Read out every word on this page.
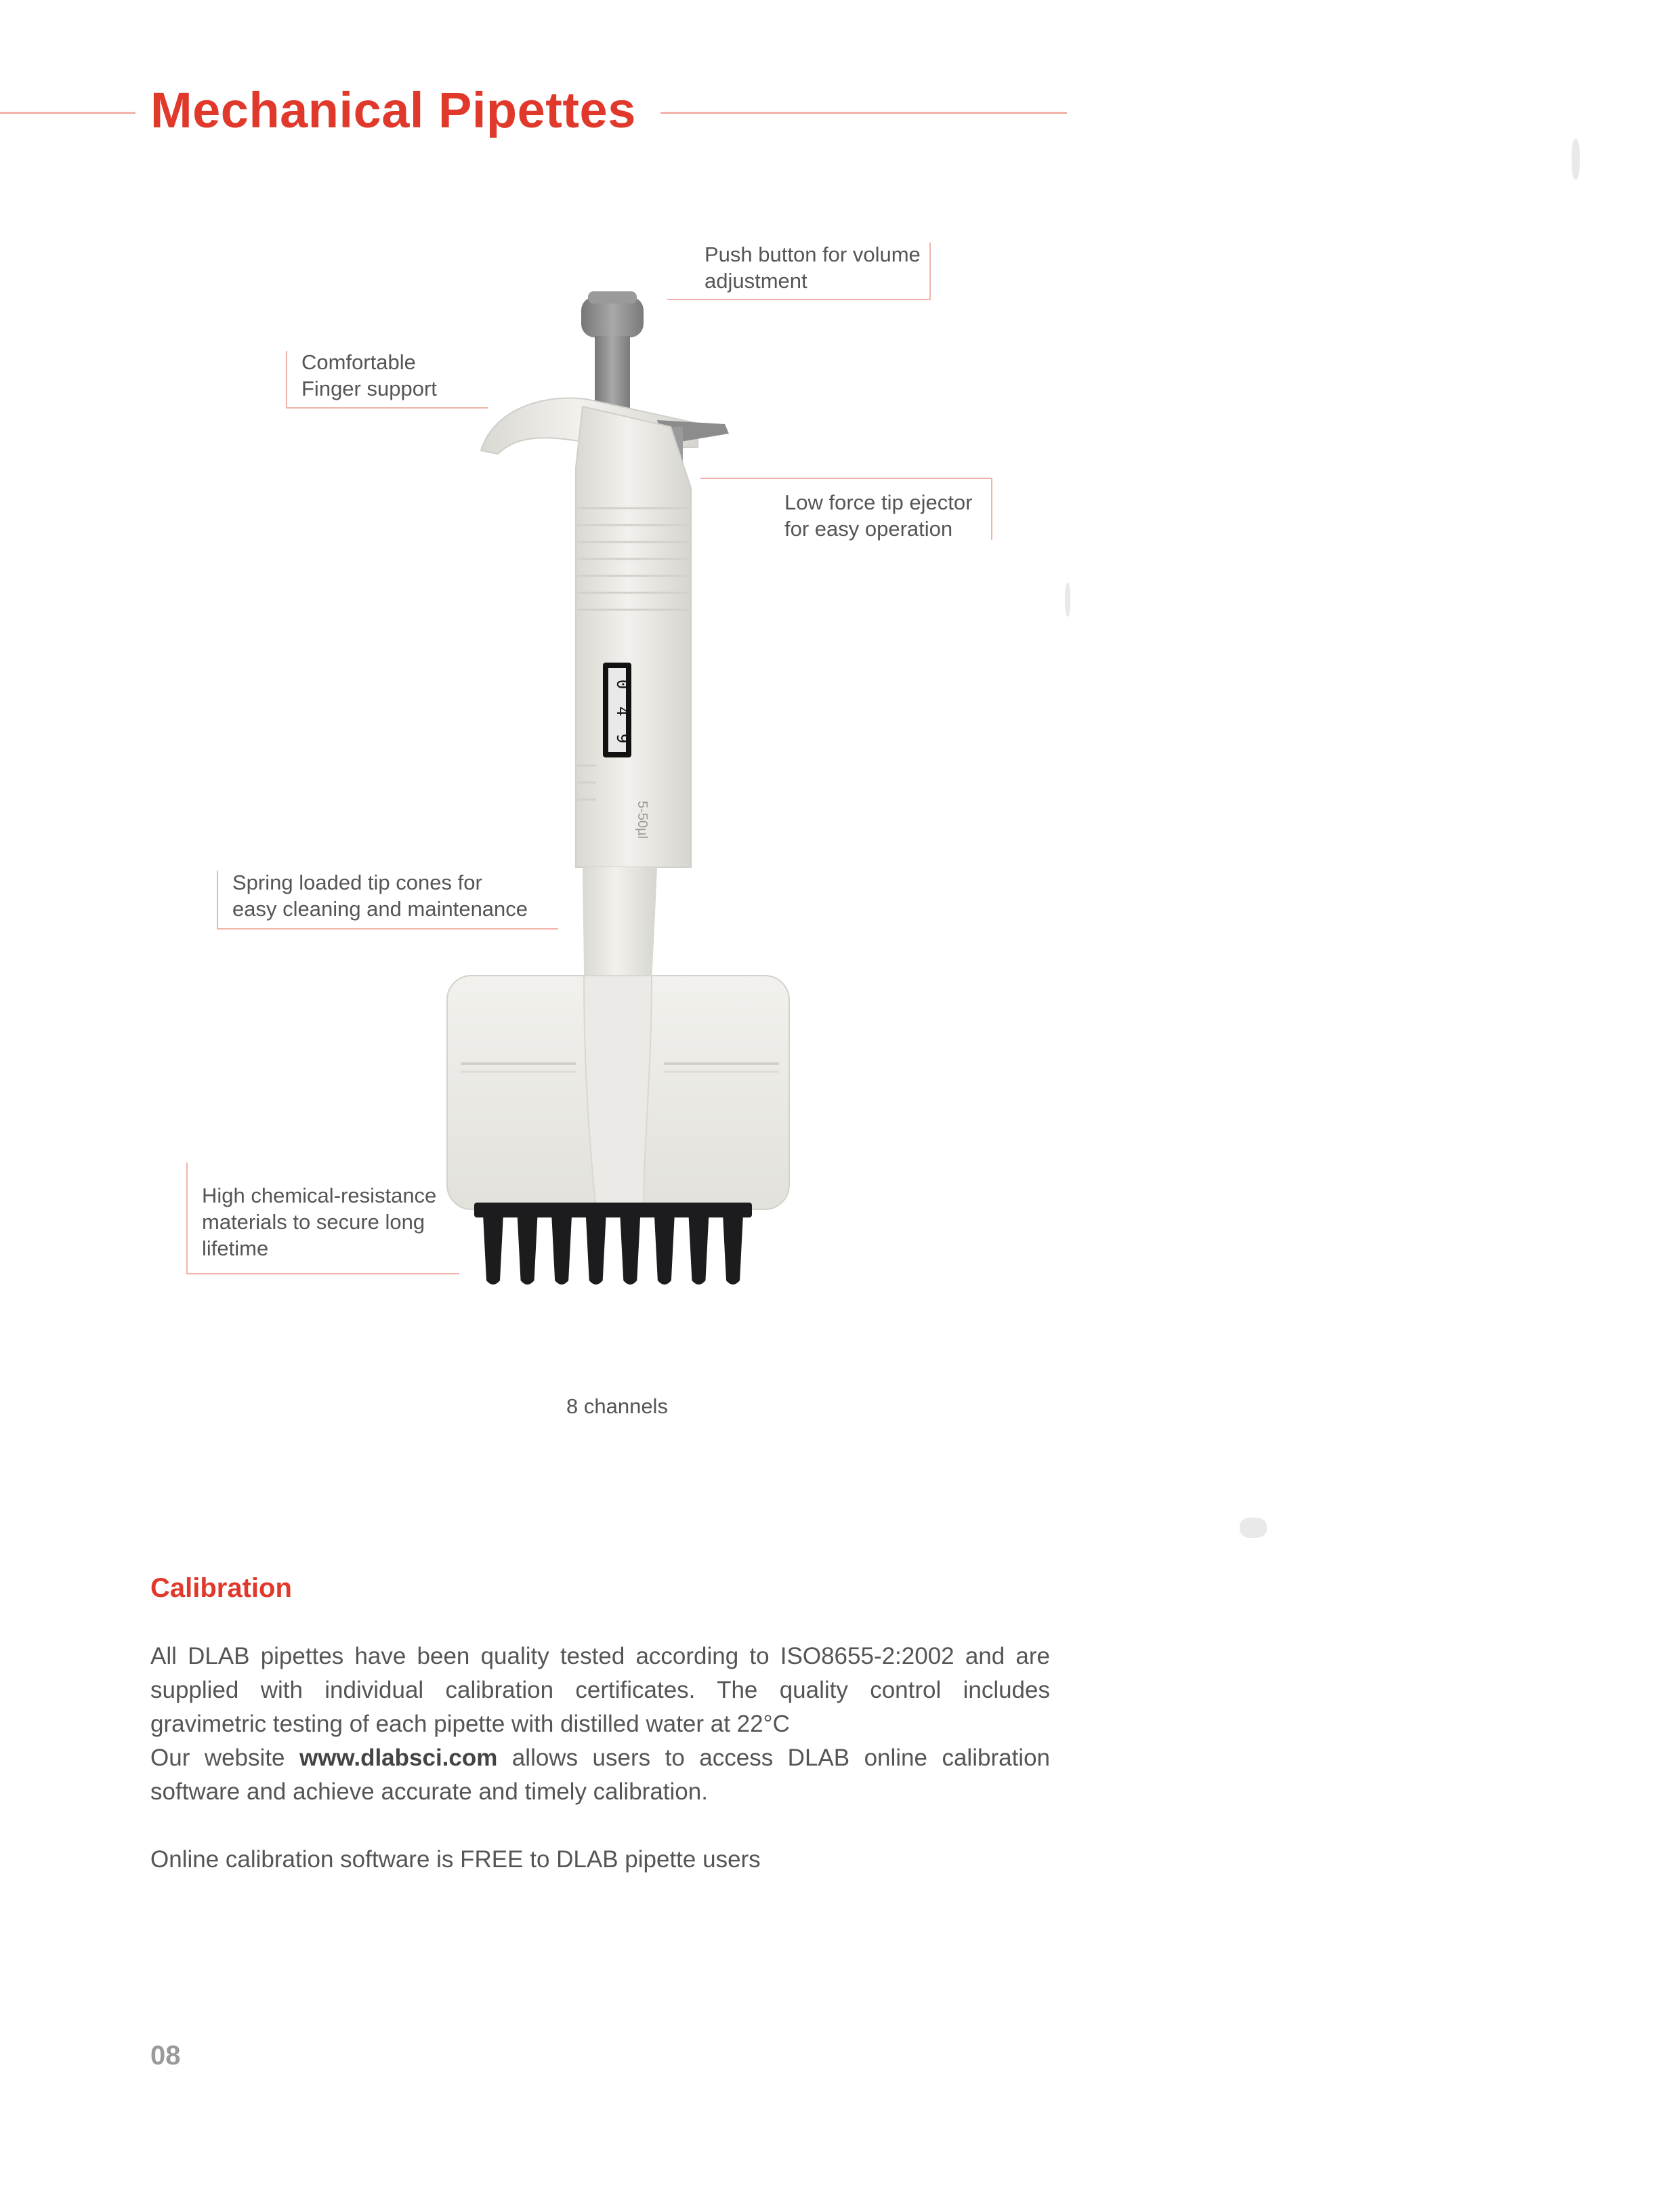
Mechanical Pipettes
Push button for volume
adjustment
Comfortable
Finger support
Low force tip ejector
for easy operation
Spring loaded tip cones for
easy cleaning and maintenance
High chemical-resistance
materials to secure long
lifetime
0
4
9
5-50µl
8 channels
Calibration

All DLAB pipettes have been quality tested according to ISO8655-2:2002 and are supplied with individual calibration certificates. The quality control includes gravimetric testing of each pipette with distilled water at 22°C

Our website www.dlabsci.com allows users to access DLAB online calibration software and achieve accurate and timely calibration.

Online calibration software is FREE to DLAB pipette users

08
